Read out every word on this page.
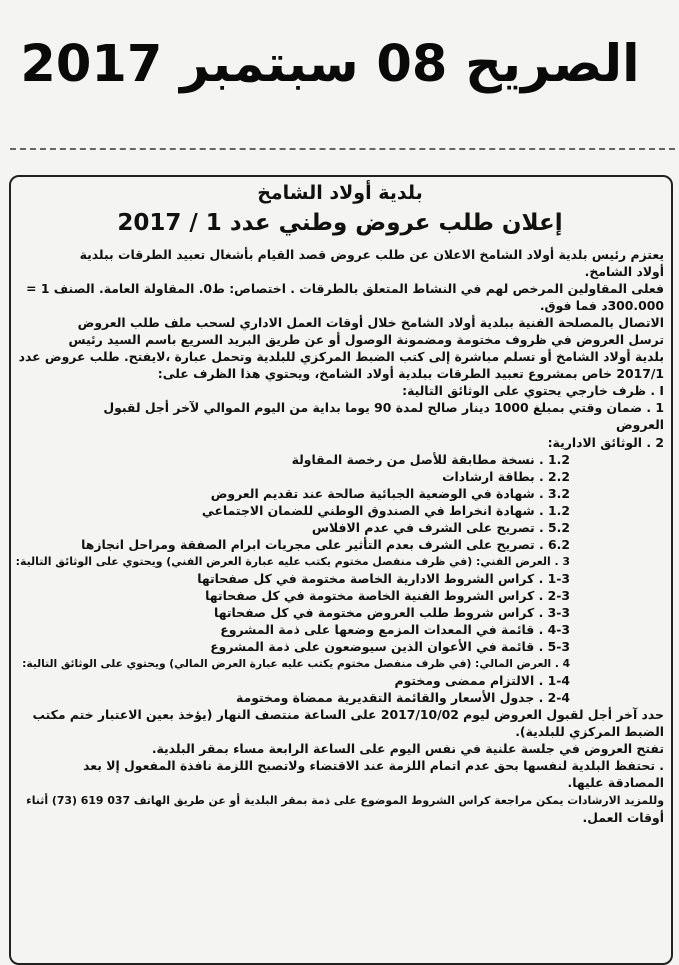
الصريح 08 سبتمبر 2017
بلدية أولاد الشامخ
إعلان طلب عروض وطني عدد 1 / 2017
يعتزم رئيس بلدية أولاد الشامخ الاعلان عن طلب عروض قصد القيام بأشغال تعبيد الطرقات ببلدية
أولاد الشامخ.
فعلى المقاولين المرخص لهم في النشاط المتعلق بالطرقات . اختصاص: ط0. المقاولة العامة. الصنف 1 =
300.000د فما فوق.
الاتصال بالمصلحة الفنية ببلدية أولاد الشامخ خلال أوقات العمل الاداري لسحب ملف طلب العروض
ترسل العروض في ظروف مختومة ومضمونة الوصول أو عن طريق البريد السريع باسم السيد رئيس
بلدية أولاد الشامخ أو تسلم مباشرة إلى كتب الضبط المركزي للبلدية وتحمل عبارة ،لايفتح. طلب عروض عدد
2017/1 خاص بمشروع تعبيد الطرقات ببلدية أولاد الشامخ، ويحتوي هذا الظرف على:
I . ظرف خارجي يحتوي على الوثائق التالية:
1 . ضمان وقتي بمبلغ 1000 دينار صالح لمدة 90 يوما بداية من اليوم الموالي لآخر أجل لقبول
العروض
2 . الوثائق الادارية:
1.2 . نسخة مطابقة للأصل من رخصة المقاولة
2.2 . بطاقة ارشادات
3.2 . شهادة في الوضعية الجبائية صالحة عند تقديم العروض
1.2 . شهادة انخراط في الصندوق الوطني للضمان الاجتماعي
5.2 . تصريح على الشرف في عدم الافلاس
6.2 . تصريح على الشرف بعدم التأثير على مجريات ابرام الصفقة ومراحل انجازها
3 . العرض الفني: (في ظرف منفصل مختوم يكتب عليه عبارة العرض الفني) ويحتوي على الوثائق التالية:
1-3 . كراس الشروط الادارية الخاصة مختومة في كل صفحاتها
2-3 . كراس الشروط الفنية الخاصة مختومة في كل صفحاتها
3-3 . كراس شروط طلب العروض مختومة في كل صفحاتها
4-3 . قائمة في المعدات المزمع وضعها على ذمة المشروع
5-3 . قائمة في الأعوان الذين سيوضعون على ذمة المشروع
4 . العرض المالي: (في ظرف منفصل مختوم يكتب عليه عبارة العرض المالي) ويحتوي على الوثائق التالية:
1-4 . الالتزام ممضى ومختوم
2-4 . جدول الأسعار والقائمة التقديرية ممضاة ومختومة
حدد آخر أجل لقبول العروض ليوم 2017/10/02 على الساعة منتصف النهار (يؤخذ بعين الاعتبار ختم مكتب
الضبط المركزي للبلدية).
تفتح العروض في جلسة علنية في نفس اليوم على الساعة الرابعة مساء بمقر البلدية.
. تحتفظ البلدية لنفسها بحق عدم اتمام اللزمة عند الاقتضاء ولاتصبح اللزمة نافذة المفعول إلا بعد
المصادقة عليها.
وللمزيد الارشادات يمكن مراجعة كراس الشروط الموضوع على ذمة بمقر البلدية أو عن طريق الهاتف 037 619 (73) أثناء
أوقات العمل.
